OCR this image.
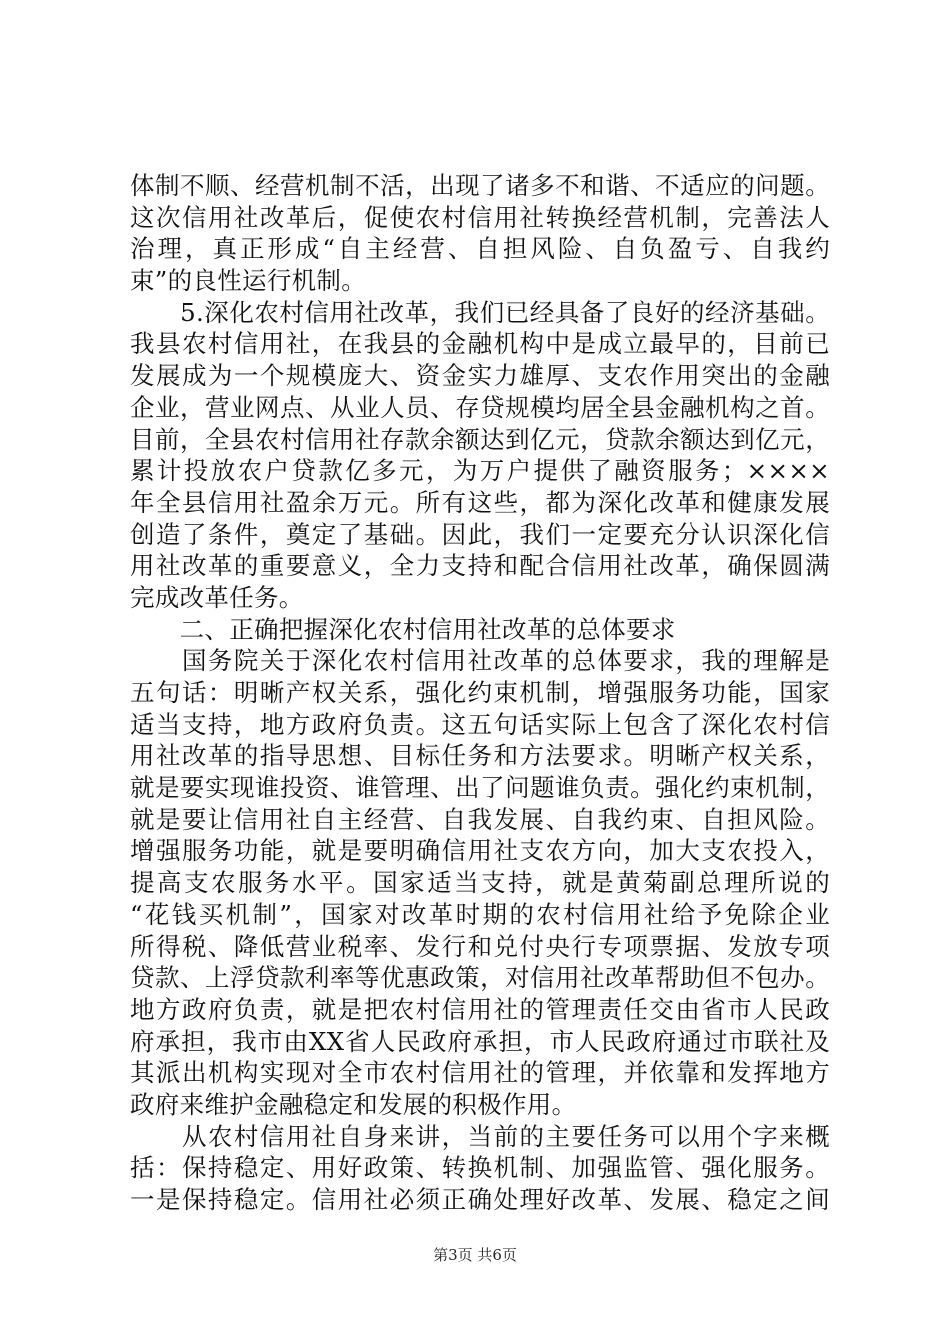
体制不顺、经营机制不活，出现了诸多不和谐、不适应的问题。
这次信用社改革后，促使农村信用社转换经营机制，完善法人
治理，真正形成“自主经营、自担风险、自负盈亏、自我约
束”的良性运行机制。
　　5.深化农村信用社改革，我们已经具备了良好的经济基础。
我县农村信用社，在我县的金融机构中是成立最早的，目前已
发展成为一个规模庞大、资金实力雄厚、支农作用突出的金融
企业，营业网点、从业人员、存贷规模均居全县金融机构之首。
目前，全县农村信用社存款余额达到亿元，贷款余额达到亿元，
累计投放农户贷款亿多元，为万户提供了融资服务；××××
年全县信用社盈余万元。所有这些，都为深化改革和健康发展
创造了条件，奠定了基础。因此，我们一定要充分认识深化信
用社改革的重要意义，全力支持和配合信用社改革，确保圆满
完成改革任务。
　　二、正确把握深化农村信用社改革的总体要求
　　国务院关于深化农村信用社改革的总体要求，我的理解是
五句话：明晰产权关系，强化约束机制，增强服务功能，国家
适当支持，地方政府负责。这五句话实际上包含了深化农村信
用社改革的指导思想、目标任务和方法要求。明晰产权关系，
就是要实现谁投资、谁管理、出了问题谁负责。强化约束机制，
就是要让信用社自主经营、自我发展、自我约束、自担风险。
增强服务功能，就是要明确信用社支农方向，加大支农投入，
提高支农服务水平。国家适当支持，就是黄菊副总理所说的
“花钱买机制”，国家对改革时期的农村信用社给予免除企业
所得税、降低营业税率、发行和兑付央行专项票据、发放专项
贷款、上浮贷款利率等优惠政策，对信用社改革帮助但不包办。
地方政府负责，就是把农村信用社的管理责任交由省市人民政
府承担，我市由XX省人民政府承担，市人民政府通过市联社及
其派出机构实现对全市农村信用社的管理，并依靠和发挥地方
政府来维护金融稳定和发展的积极作用。
　　从农村信用社自身来讲，当前的主要任务可以用个字来概
括：保持稳定、用好政策、转换机制、加强监管、强化服务。
一是保持稳定。信用社必须正确处理好改革、发展、稳定之间
第3页 共6页
